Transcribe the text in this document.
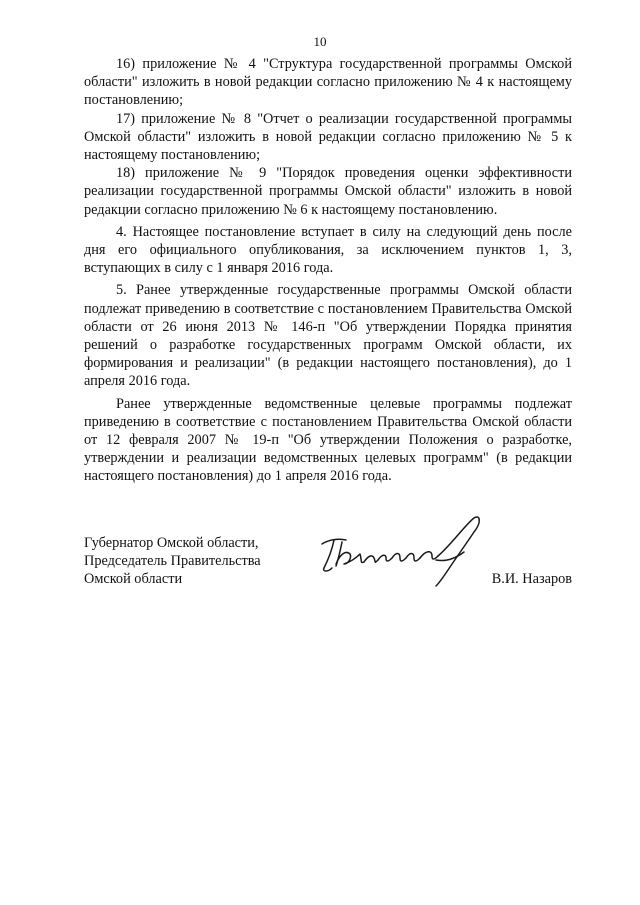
10

16) приложение № 4 "Структура государственной программы Омской области" изложить в новой редакции согласно приложению № 4 к настоящему постановлению;

17) приложение № 8 "Отчет о реализации государственной программы Омской области" изложить в новой редакции согласно приложению № 5 к настоящему постановлению;

18) приложение № 9 "Порядок проведения оценки эффективности реализации государственной программы Омской области" изложить в новой редакции согласно приложению № 6 к настоящему постановлению.

4. Настоящее постановление вступает в силу на следующий день после дня его официального опубликования, за исключением пунктов 1, 3, вступающих в силу с 1 января 2016 года.

5. Ранее утвержденные государственные программы Омской области подлежат приведению в соответствие с постановлением Правительства Омской области от 26 июня 2013 № 146-п "Об утверждении Порядка принятия решений о разработке государственных программ Омской области, их формирования и реализации" (в редакции настоящего постановления), до 1 апреля 2016 года.

Ранее утвержденные ведомственные целевые программы подлежат приведению в соответствие с постановлением Правительства Омской области от 12 февраля 2007 № 19-п "Об утверждении Положения о разработке, утверждении и реализации ведомственных целевых программ" (в редакции настоящего постановления) до 1 апреля 2016 года.

Губернатор Омской области,
Председатель Правительства
Омской области	В.И. Назаров
